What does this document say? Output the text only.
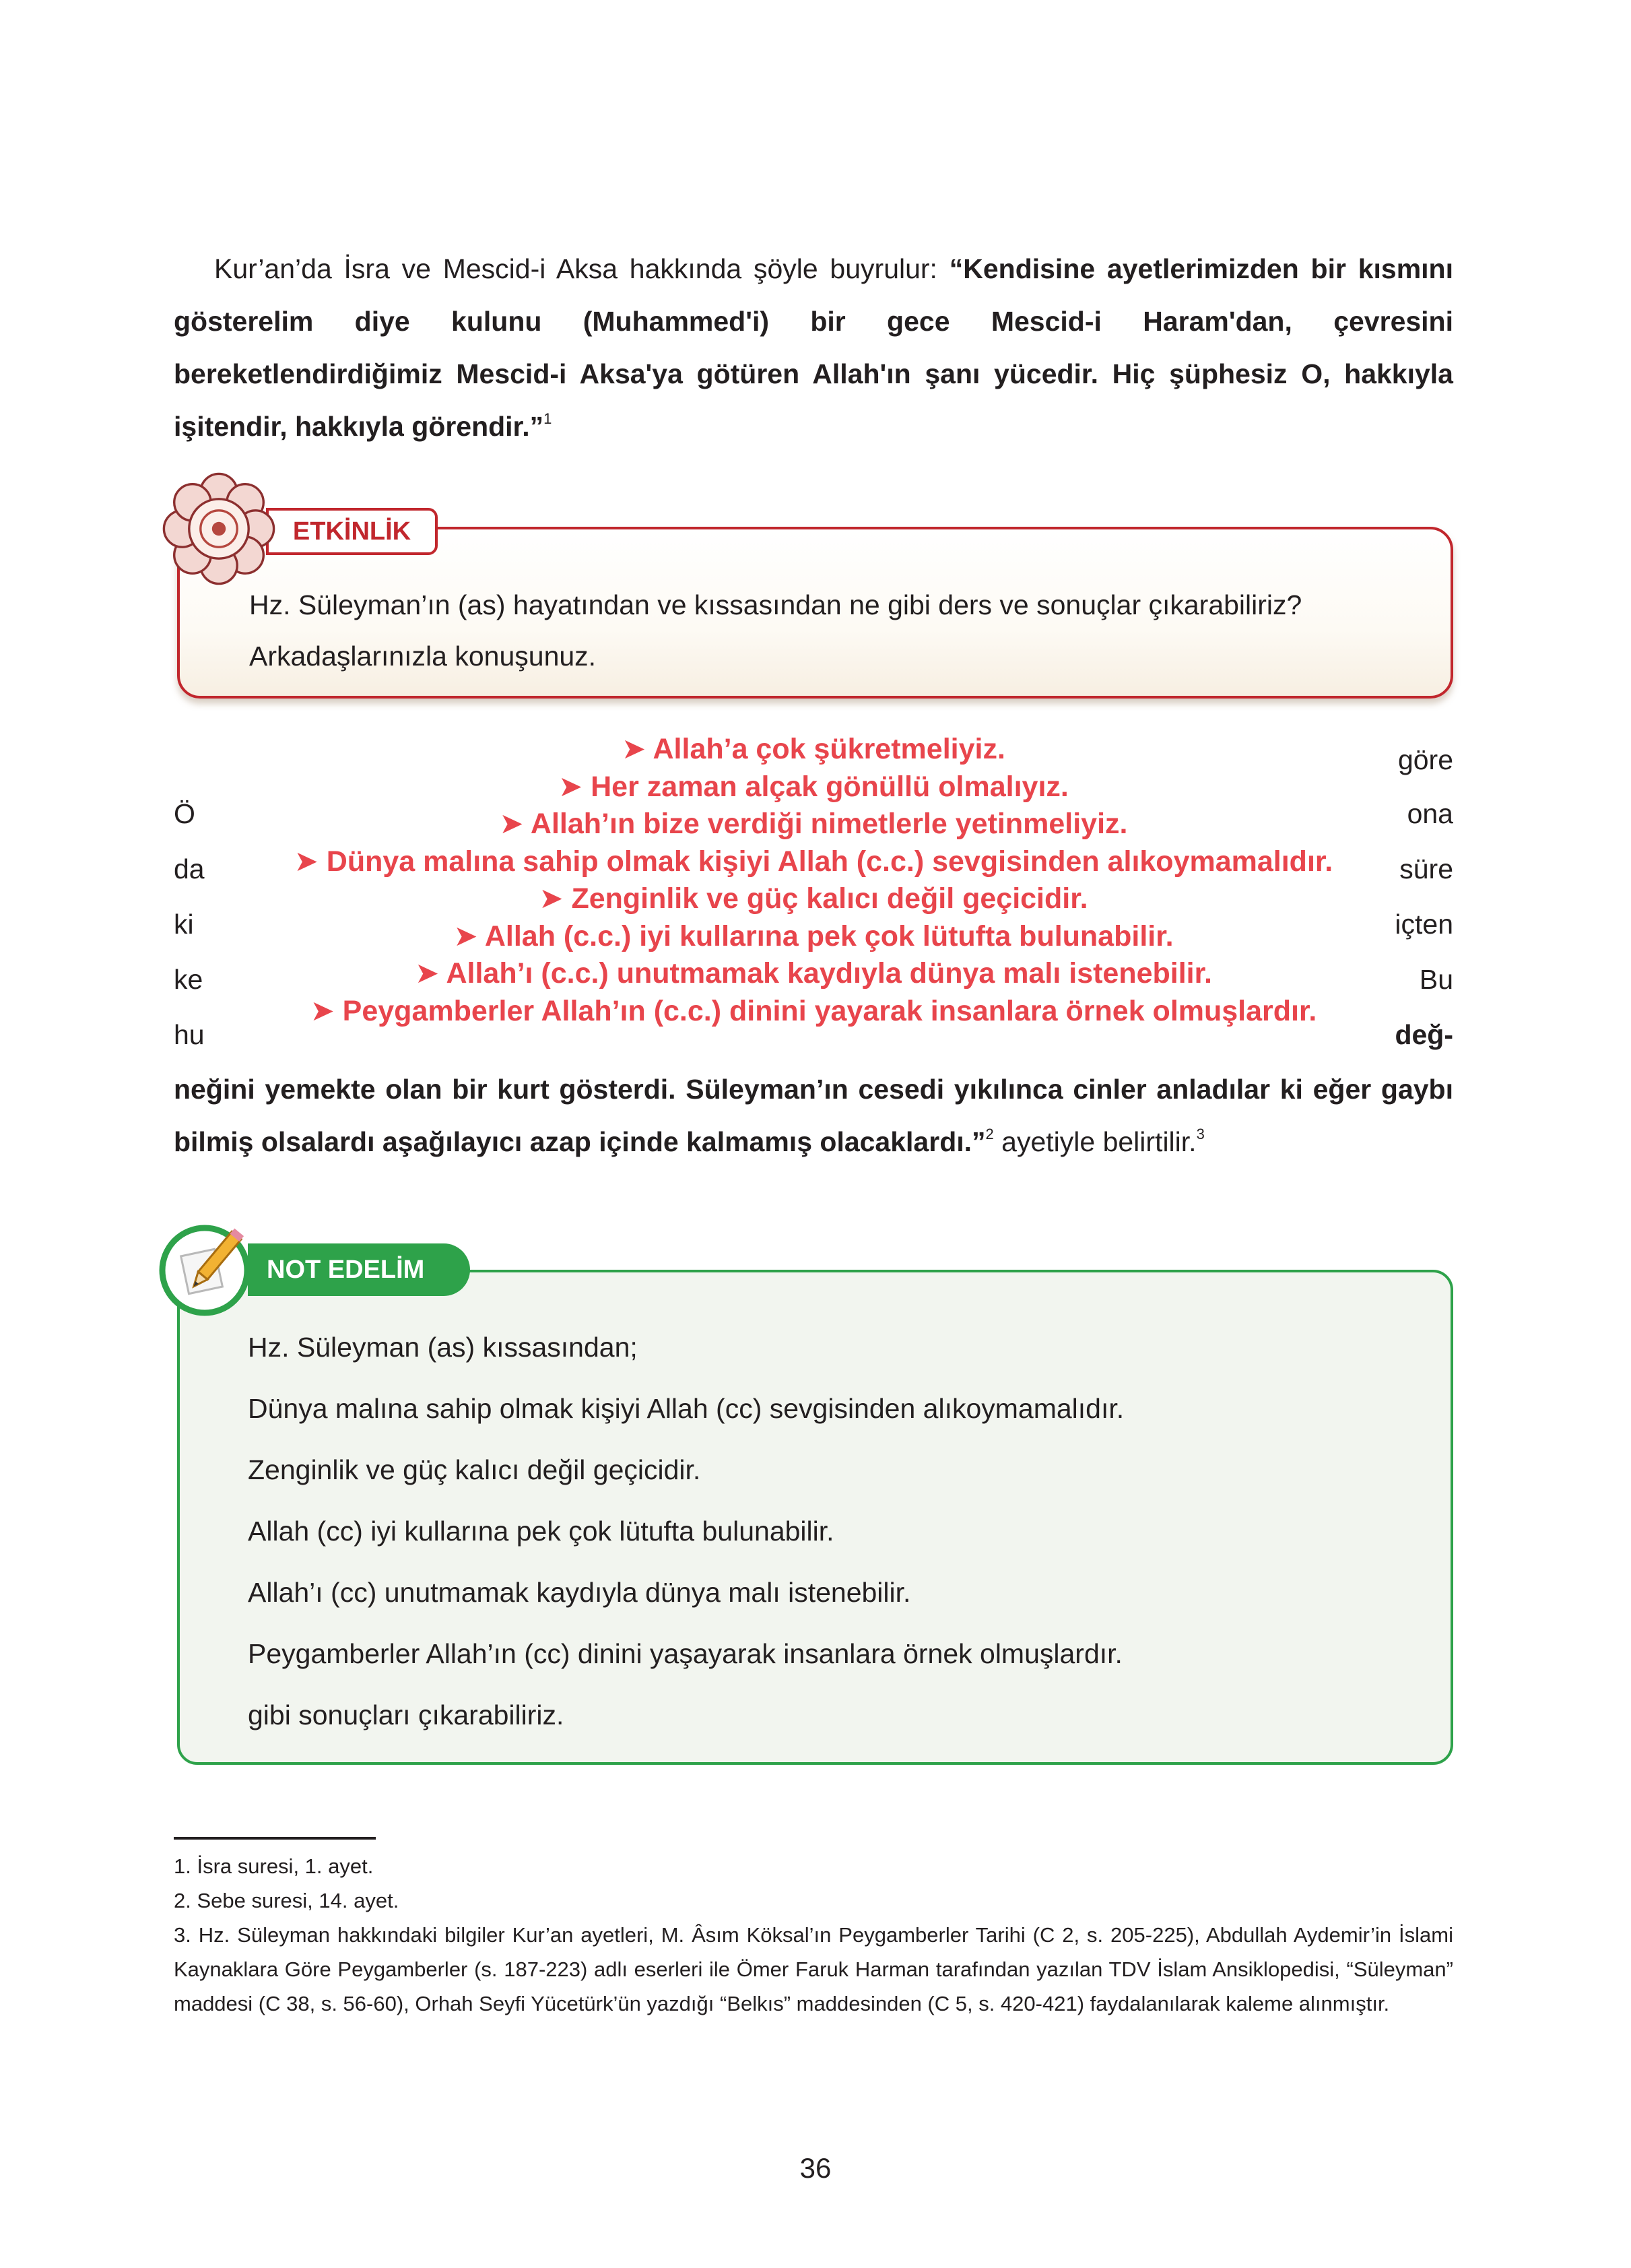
Kur’an’da İsra ve Mescid-i Aksa hakkında şöyle buyrulur: “Kendisine ayetlerimizden bir kısmını gösterelim diye kulunu (Muhammed'i) bir gece Mescid-i Haram'dan, çevresini bereketlendirdiğimiz Mescid-i Aksa'ya götüren Allah'ın şanı yücedir. Hiç şüphesiz O, hakkıyla işitendir, hakkıyla görendir.”$^1$

ETKİNLİK

Hz. Süleyman’ın (as) hayatından ve kıssasından ne gibi ders ve sonuçlar çıkarabiliriz? Arkadaşlarınızla konuşunuz.

göre
Ö	ona
da	süre
ki	içten
ke	Bu
hu	değ-
➤ Allah’a çok şükretmeliyiz.
➤ Her zaman alçak gönüllü olmalıyız.
➤ Allah’ın bize verdiği nimetlerle yetinmeliyiz.
➤ Dünya malına sahip olmak kişiyi Allah (c.c.) sevgisinden alıkoymamalıdır.
➤ Zenginlik ve güç kalıcı değil geçicidir.
➤ Allah (c.c.) iyi kullarına pek çok lütufta bulunabilir.
➤ Allah’ı (c.c.) unutmamak kaydıyla dünya malı istenebilir.
➤ Peygamberler Allah’ın (c.c.) dinini yayarak insanlara örnek olmuşlardır.

neğini yemekte olan bir kurt gösterdi. Süleyman’ın cesedi yıkılınca cinler anladılar ki eğer gaybı bilmiş olsalardı aşağılayıcı azap içinde kalmamış olacaklardı.”$^2$ ayetiyle belirtilir.$^3$

NOT EDELİM
Hz. Süleyman (as) kıssasından;
Dünya malına sahip olmak kişiyi Allah (cc) sevgisinden alıkoymamalıdır.
Zenginlik ve güç kalıcı değil geçicidir.
Allah (cc) iyi kullarına pek çok lütufta bulunabilir.
Allah’ı (cc) unutmamak kaydıyla dünya malı istenebilir.
Peygamberler Allah’ın (cc) dinini yaşayarak insanlara örnek olmuşlardır.
gibi sonuçları çıkarabiliriz.
1. İsra suresi, 1. ayet.
2. Sebe suresi, 14. ayet.
3. Hz. Süleyman hakkındaki bilgiler Kur’an ayetleri, M. Âsım Köksal’ın Peygamberler Tarihi (C 2, s. 205-225), Abdullah Aydemir’in İslami Kaynaklara Göre Peygamberler (s. 187-223) adlı eserleri ile Ömer Faruk Harman tarafından yazılan TDV İslam Ansiklopedisi, “Süleyman” maddesi (C 38, s. 56-60), Orhah Seyfi Yücetürk’ün yazdığı “Belkıs” maddesinden (C 5, s. 420-421) faydalanılarak kaleme alınmıştır.
36
